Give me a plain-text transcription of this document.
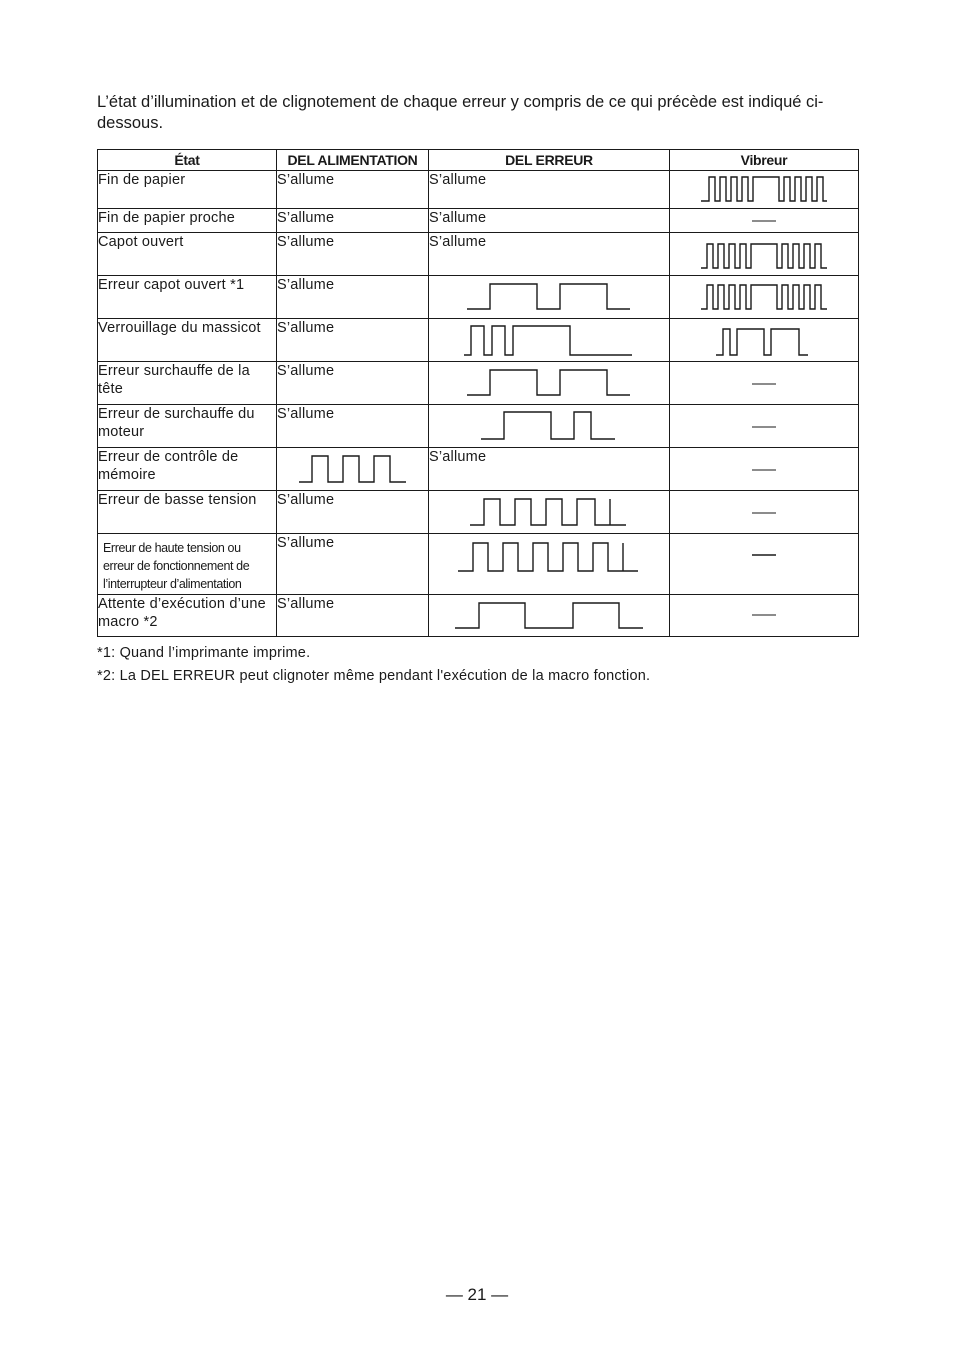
L’état d’illumination et de clignotement de chaque erreur y compris de ce qui précède est indiqué ci-dessous.

État	DEL ALIMENTATION	DEL ERREUR	Vibreur
Fin de papier	S’allume	S’allume	

Fin de papier proche	S’allume	S’allume	

Capot ouvert	S’allume	S’allume	

Erreur capot ouvert *1	S’allume	

Verrouillage du massicot	S’allume	

Erreur surchauffe de la tête	S’allume	

Erreur de surchauffe du moteur	S’allume	

Erreur de contrôle de mémoire		S’allume	

Erreur de basse tension	S’allume	

Erreur de haute tension ou erreur de fonctionnement de l’interrupteur d’alimentation	S’allume	

Attente d’exécution d’une macro *2	S’allume	

*1: Quand l’imprimante imprime.

*2: La DEL ERREUR peut clignoter même pendant l'exécution de la macro fonction.

— 21 —
